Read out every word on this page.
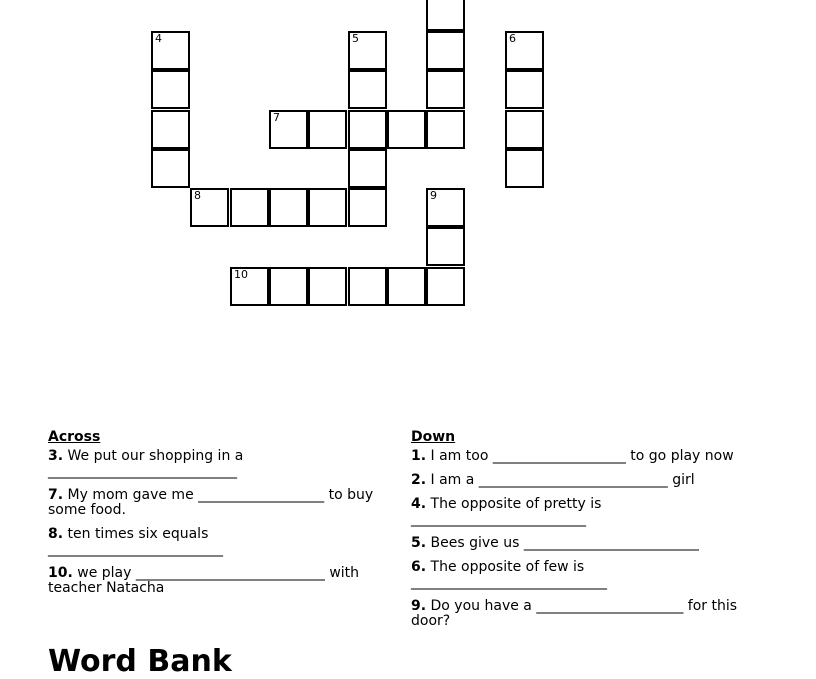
4	5	6
7
8	9
10
Across
3. We put our shopping in a ___________________________
7. My mom gave me __________________ to buy some food.
8. ten times six equals _________________________
10. we play ___________________________ with teacher Natacha
Down
1. I am too ___________________ to go play now
2. I am a ___________________________ girl
4. The opposite of pretty is _________________________
5. Bees give us _________________________
6. The opposite of few is ____________________________
9. Do you have a _____________________ for this door?
Word Bank
